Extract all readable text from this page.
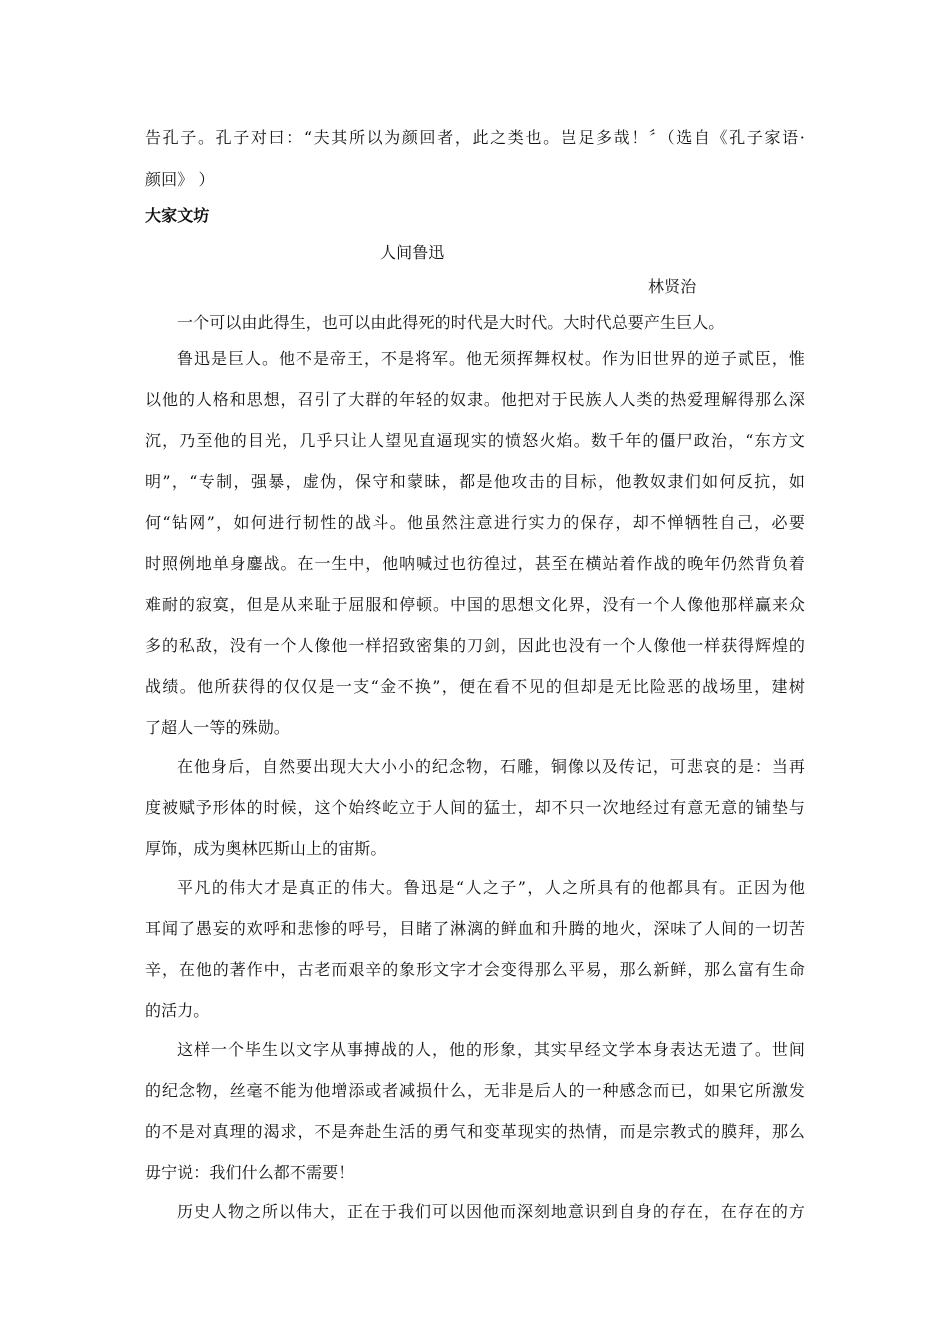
告孔子。孔子对曰：“夫其所以为颜回者，此之类也。岂足多哉！〞（选自《孔子家语·
颜回》 ）
大家文坊
人间鲁迅
林贤治
一个可以由此得生，也可以由此得死的时代是大时代。大时代总要产生巨人。
鲁迅是巨人。他不是帝王，不是将军。他无须挥舞权杖。作为旧世界的逆子贰臣，惟
以他的人格和思想，召引了大群的年轻的奴隶。他把对于民族人人类的热爱理解得那么深
沉，乃至他的目光，几乎只让人望见直逼现实的愤怒火焰。数千年的僵尸政治，“东方文
明”，“专制，强暴，虚伪，保守和蒙昧，都是他攻击的目标，他教奴隶们如何反抗，如
何“钻网”，如何进行韧性的战斗。他虽然注意进行实力的保存，却不惮牺牲自己，必要
时照例地单身鏖战。在一生中，他呐喊过也彷徨过，甚至在横站着作战的晚年仍然背负着
难耐的寂寞，但是从来耻于屈服和停顿。中国的思想文化界，没有一个人像他那样赢来众
多的私敌，没有一个人像他一样招致密集的刀剑，因此也没有一个人像他一样获得辉煌的
战绩。他所获得的仅仅是一支“金不换”，便在看不见的但却是无比险恶的战场里，建树
了超人一等的殊勋。
在他身后，自然要出现大大小小的纪念物，石雕，铜像以及传记，可悲哀的是：当再
度被赋予形体的时候，这个始终屹立于人间的猛士，却不只一次地经过有意无意的铺垫与
厚饰，成为奥林匹斯山上的宙斯。
平凡的伟大才是真正的伟大。鲁迅是“人之子”，人之所具有的他都具有。正因为他
耳闻了愚妄的欢呼和悲惨的呼号，目睹了淋漓的鲜血和升腾的地火，深味了人间的一切苦
辛，在他的著作中，古老而艰辛的象形文字才会变得那么平易，那么新鲜，那么富有生命
的活力。
这样一个毕生以文字从事搏战的人，他的形象，其实早经文学本身表达无遗了。世间
的纪念物，丝毫不能为他增添或者减损什么，无非是后人的一种感念而已，如果它所激发
的不是对真理的渴求，不是奔赴生活的勇气和变革现实的热情，而是宗教式的膜拜，那么
毋宁说：我们什么都不需要！
历史人物之所以伟大，正在于我们可以因他而深刻地意识到自身的存在，在存在的方
